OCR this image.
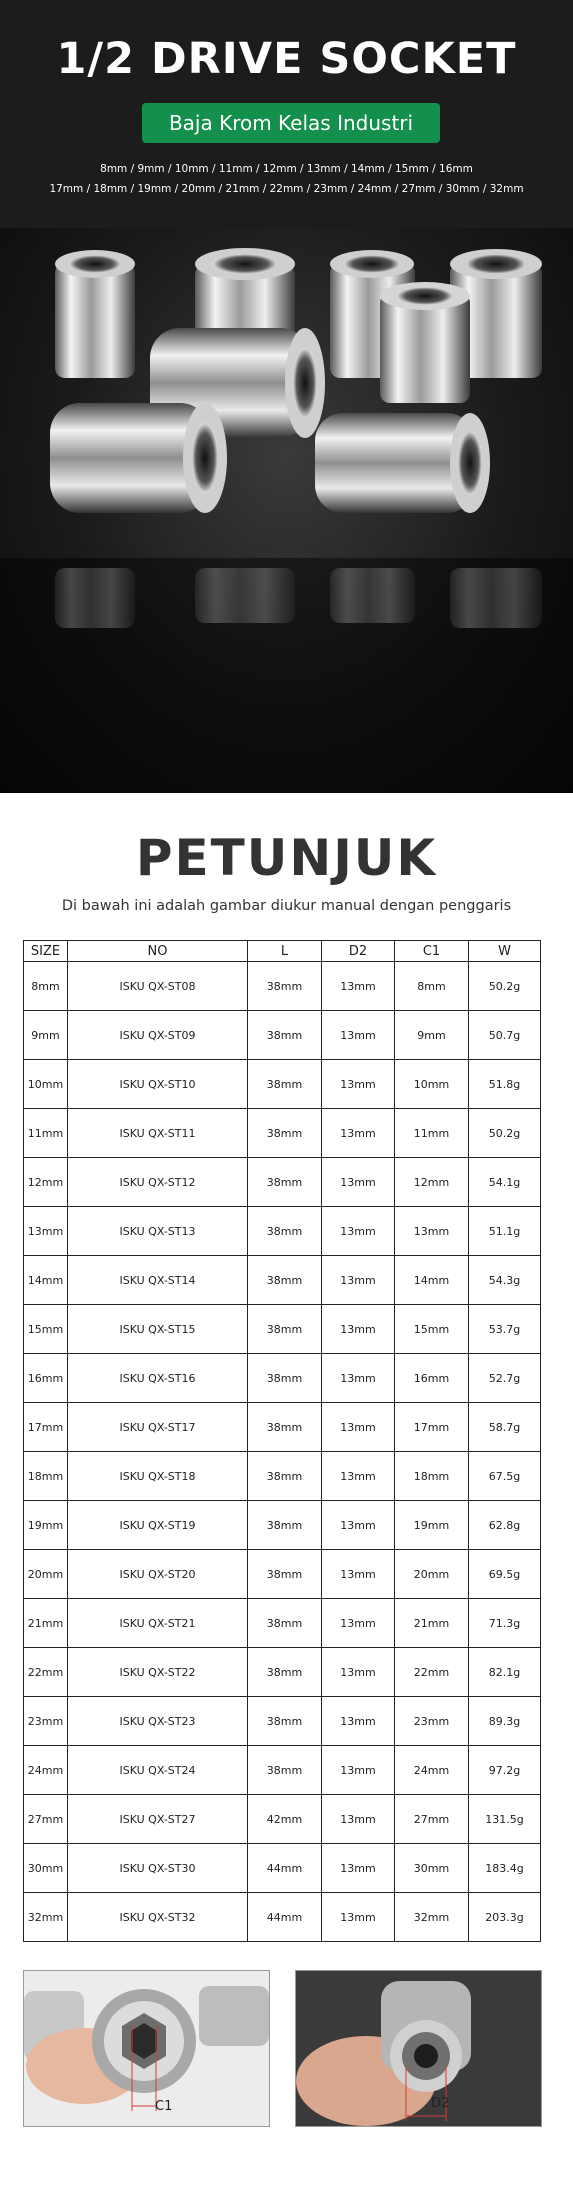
1/2 DRIVE SOCKET
Baja Krom Kelas Industri
8mm / 9mm / 10mm / 11mm / 12mm / 13mm / 14mm / 15mm / 16mm
17mm / 18mm / 19mm / 20mm / 21mm / 22mm / 23mm / 24mm / 27mm / 30mm / 32mm
PETUNJUK
Di bawah ini adalah gambar diukur manual dengan penggaris
SIZE	NO	L	D2	C1	W
8mm	ISKU QX-ST08	38mm	13mm	8mm	50.2g
9mm	ISKU QX-ST09	38mm	13mm	9mm	50.7g
10mm	ISKU QX-ST10	38mm	13mm	10mm	51.8g
11mm	ISKU QX-ST11	38mm	13mm	11mm	50.2g
12mm	ISKU QX-ST12	38mm	13mm	12mm	54.1g
13mm	ISKU QX-ST13	38mm	13mm	13mm	51.1g
14mm	ISKU QX-ST14	38mm	13mm	14mm	54.3g
15mm	ISKU QX-ST15	38mm	13mm	15mm	53.7g
16mm	ISKU QX-ST16	38mm	13mm	16mm	52.7g
17mm	ISKU QX-ST17	38mm	13mm	17mm	58.7g
18mm	ISKU QX-ST18	38mm	13mm	18mm	67.5g
19mm	ISKU QX-ST19	38mm	13mm	19mm	62.8g
20mm	ISKU QX-ST20	38mm	13mm	20mm	69.5g
21mm	ISKU QX-ST21	38mm	13mm	21mm	71.3g
22mm	ISKU QX-ST22	38mm	13mm	22mm	82.1g
23mm	ISKU QX-ST23	38mm	13mm	23mm	89.3g
24mm	ISKU QX-ST24	38mm	13mm	24mm	97.2g
27mm	ISKU QX-ST27	42mm	13mm	27mm	131.5g
30mm	ISKU QX-ST30	44mm	13mm	30mm	183.4g
32mm	ISKU QX-ST32	44mm	13mm	32mm	203.3g
C1	D2
